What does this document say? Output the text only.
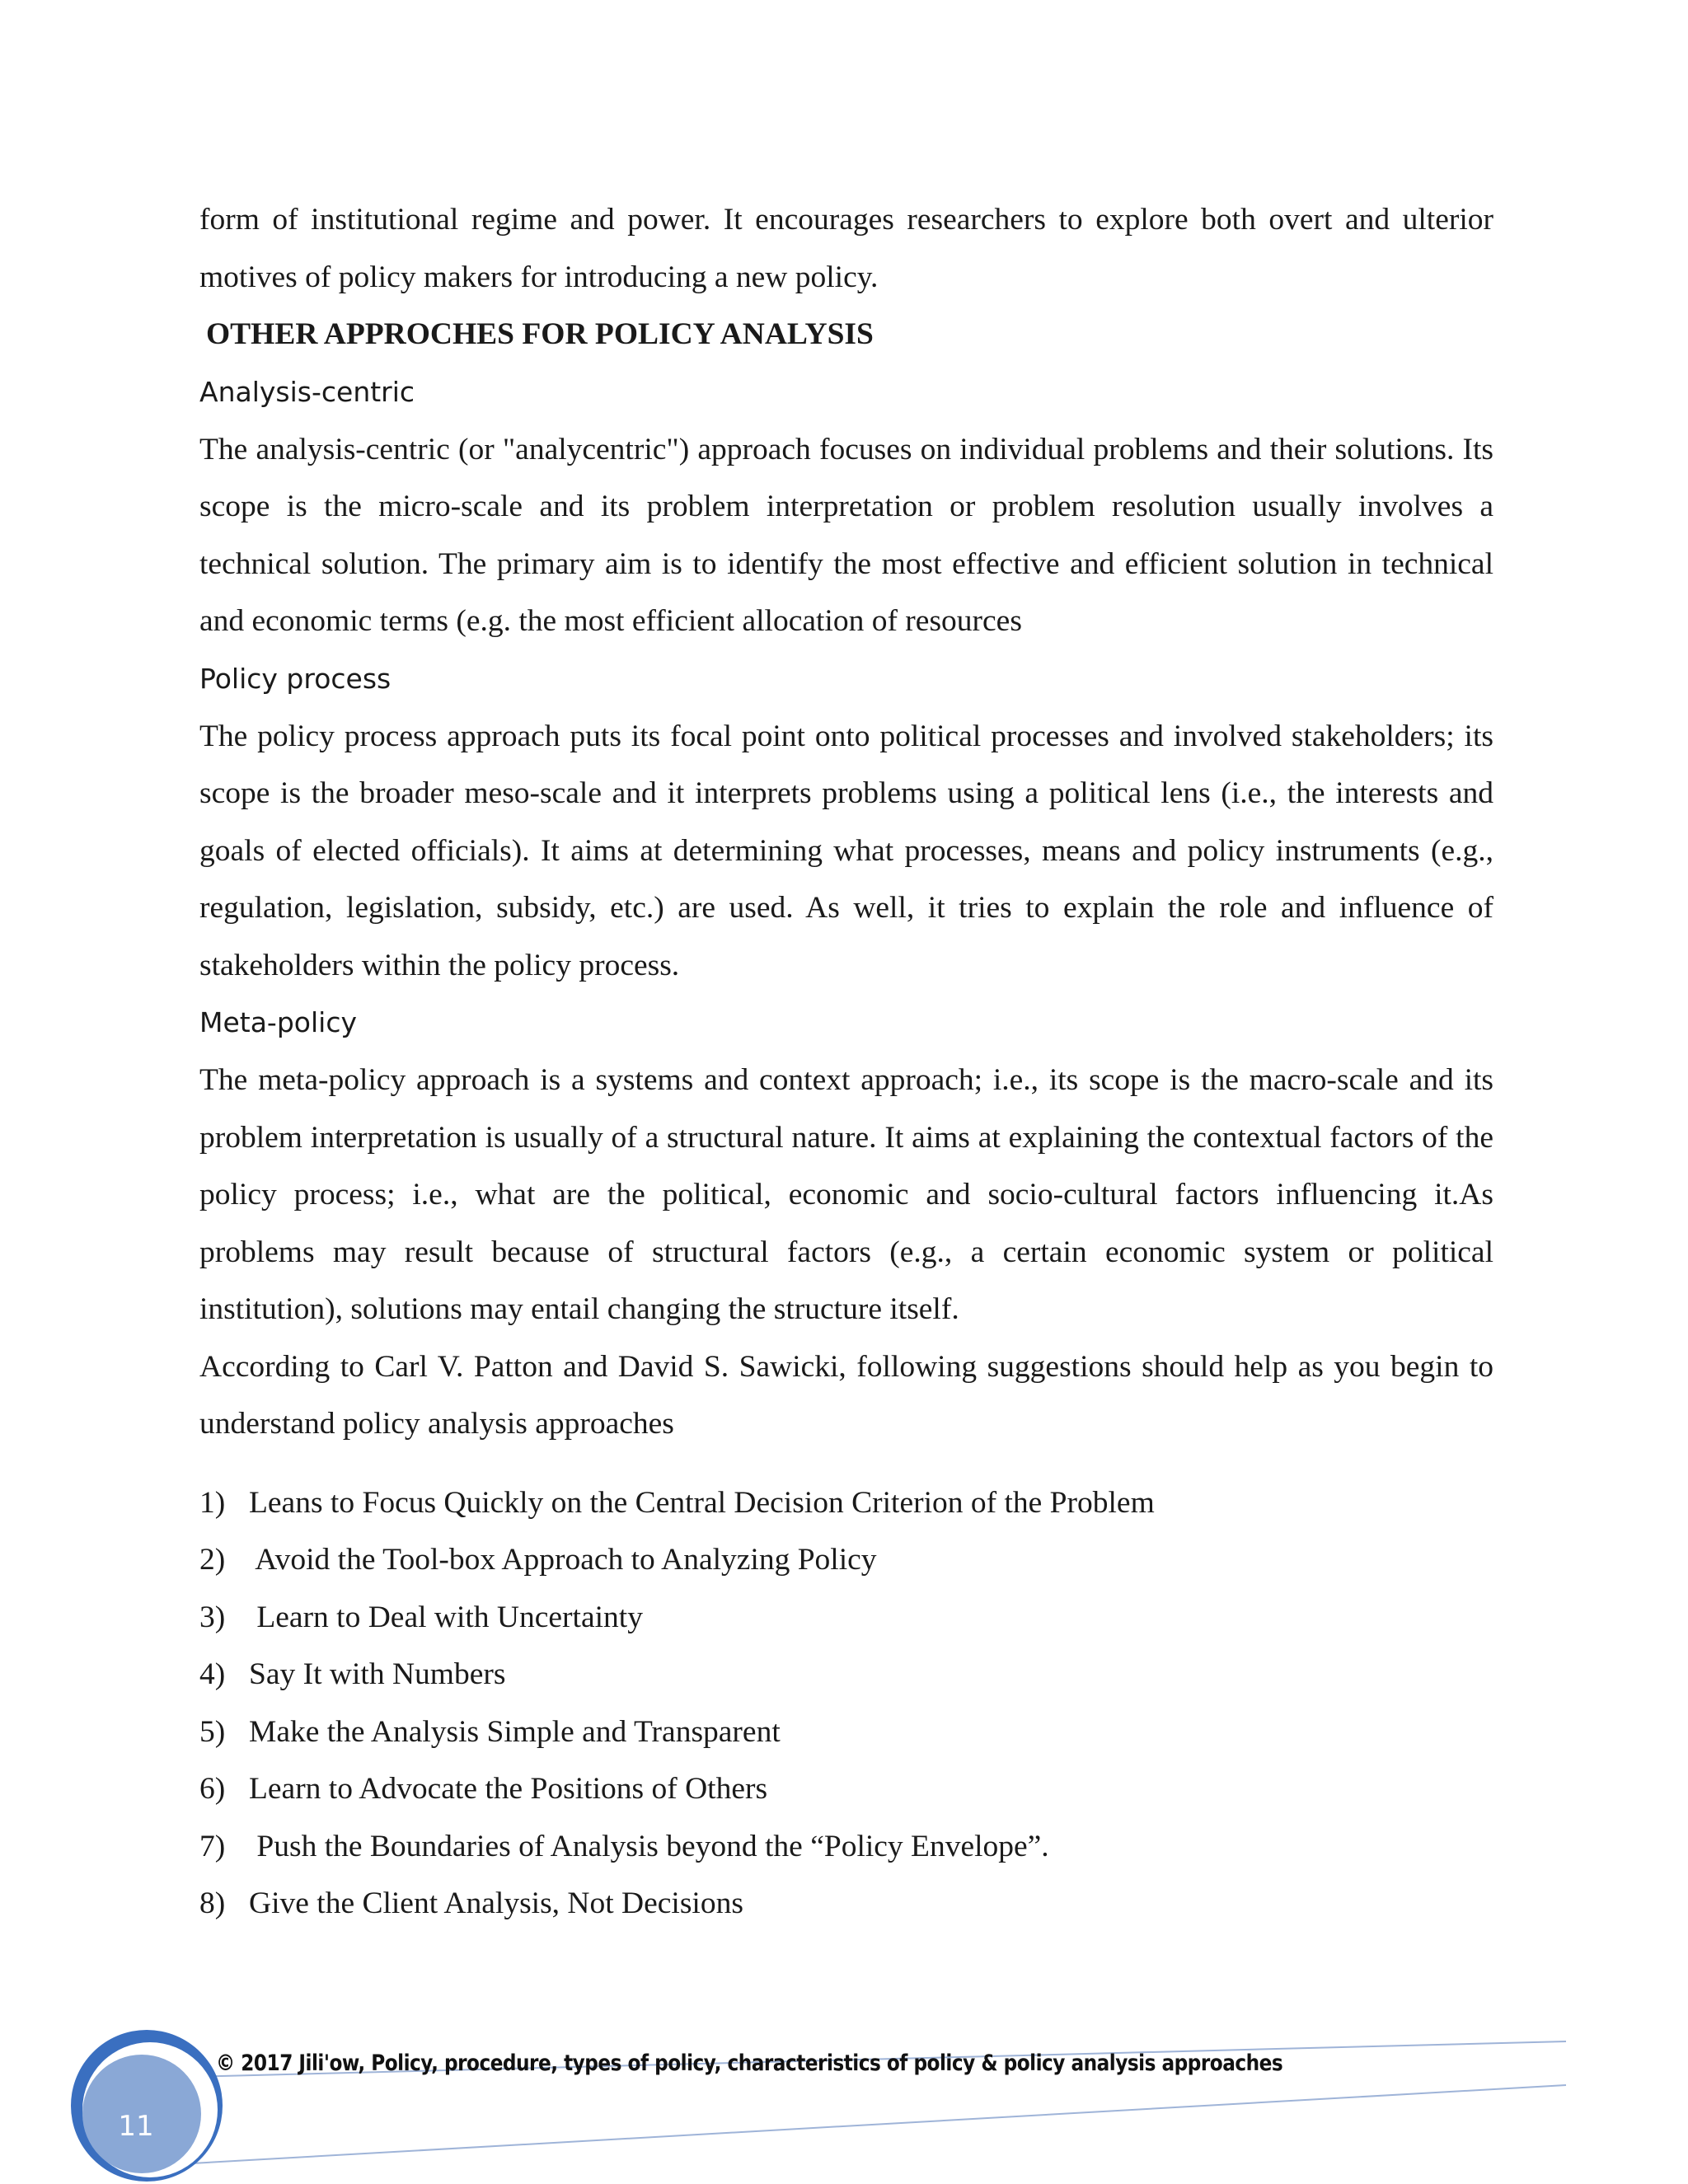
form of institutional regime and power. It encourages researchers to explore both overt and ulterior motives of policy makers for introducing a new policy.

OTHER APPROCHES FOR POLICY ANALYSIS

Analysis-centric

The analysis-centric (or "analycentric") approach focuses on individual problems and their solutions. Its scope is the micro-scale and its problem interpretation or problem resolution usually involves a technical solution. The primary aim is to identify the most effective and efficient solution in technical and economic terms (e.g. the most efficient allocation of resources

Policy process

The policy process approach puts its focal point onto political processes and involved stakeholders; its scope is the broader meso-scale and it interprets problems using a political lens (i.e., the interests and goals of elected officials). It aims at determining what processes, means and policy instruments (e.g., regulation, legislation, subsidy, etc.) are used. As well, it tries to explain the role and influence of stakeholders within the policy process.

Meta-policy

The meta-policy approach is a systems and context approach; i.e., its scope is the macro-scale and its problem interpretation is usually of a structural nature. It aims at explaining the contextual factors of the policy process; i.e., what are the political, economic and socio-cultural factors influencing it.As problems may result because of structural factors (e.g., a certain economic system or political institution), solutions may entail changing the structure itself.

According to Carl V. Patton and David S. Sawicki, following suggestions should help as you begin to understand policy analysis approaches

1) Leans to Focus Quickly on the Central Decision Criterion of the Problem
2) Avoid the Tool-box Approach to Analyzing Policy
3) Learn to Deal with Uncertainty
4) Say It with Numbers
5) Make the Analysis Simple and Transparent
6) Learn to Advocate the Positions of Others
7) Push the Boundaries of Analysis beyond the “Policy Envelope”.
8) Give the Client Analysis, Not Decisions
© 2017 Jili'ow, Policy, procedure, types of policy, characteristics of policy & policy analysis approaches
11
